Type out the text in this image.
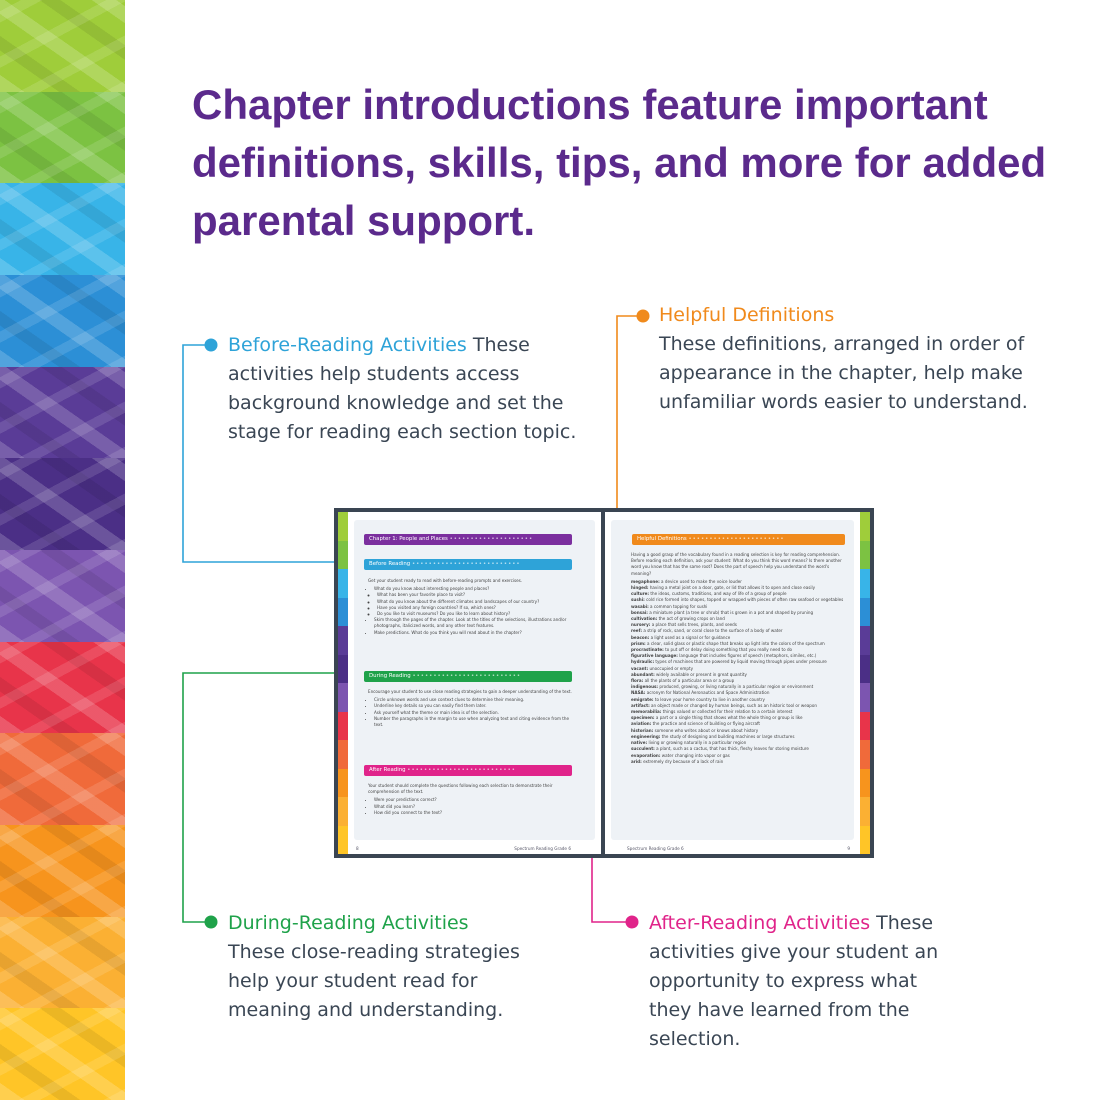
Chapter introductions feature important definitions, skills, tips, and more for added parental support.
Before-Reading Activities These activities help students access background knowledge and set the stage for reading each section topic.
Helpful Definitions
These definitions, arranged in order of appearance in the chapter, help make unfamiliar words easier to understand.
During-Reading Activities
These close-reading strategies help your student read for meaning and understanding.
After-Reading Activities These activities give your student an opportunity to express what they have learned from the selection.
Chapter 1: People and Places ••••••••••••••••••••
Before Reading ••••••••••••••••••••••••••

Get your student ready to read with before-reading prompts and exercises.

• What do you know about interesting people and places?
◦ What has been your favorite place to visit?
◦ What do you know about the different climates and landscapes of our country?
◦ Have you visited any foreign countries? If so, which ones?
◦ Do you like to visit museums? Do you like to learn about history?
• Skim through the pages of the chapter. Look at the titles of the selections, illustrations and/or photographs, italicized words, and any other text features.
• Make predictions. What do you think you will read about in the chapter?
During Reading ••••••••••••••••••••••••••

Encourage your student to use close reading strategies to gain a deeper understanding of the text.

• Circle unknown words and use context clues to determine their meaning.
• Underline key details so you can easily find them later.
• Ask yourself what the theme or main idea is of the selection.
• Number the paragraphs in the margin to use when analyzing text and citing evidence from the text.
After Reading ••••••••••••••••••••••••••

Your student should complete the questions following each selection to demonstrate their comprehension of the text.

• Were your predictions correct?
• What did you learn?
• How did you connect to the text?
8	Spectrum Reading Grade 6
Helpful Definitions •••••••••••••••••••••••

Having a good grasp of the vocabulary found in a reading selection is key for reading comprehension. Before reading each definition, ask your student: What do you think this word means? Is there another word you know that has the same root? Does the part of speech help you understand the word's meaning?

megaphone: a device used to make the voice louder

hinged: having a metal joint on a door, gate, or lid that allows it to open and close easily

culture: the ideas, customs, traditions, and way of life of a group of people

sushi: cold rice formed into shapes, topped or wrapped with pieces of often raw seafood or vegetables

wasabi: a common topping for sushi

bonsai: a miniature plant (a tree or shrub) that is grown in a pot and shaped by pruning

cultivation: the act of growing crops on land

nursery: a place that sells trees, plants, and seeds

reef: a strip of rock, sand, or coral close to the surface of a body of water

beacon: a light used as a signal or for guidance

prism: a clear, solid glass or plastic shape that breaks up light into the colors of the spectrum

procrastinate: to put off or delay doing something that you really need to do

figurative language: language that includes figures of speech (metaphors, similes, etc.)

hydraulic: types of machines that are powered by liquid moving through pipes under pressure

vacant: unoccupied or empty

abundant: widely available or present in great quantity

flora: all the plants of a particular area or a group

indigenous: produced, growing, or living naturally in a particular region or environment

NASA: acronym for National Aeronautics and Space Administration

emigrate: to leave your home country to live in another country

artifact: an object made or changed by human beings, such as an historic tool or weapon

memorabilia: things valued or collected for their relation to a certain interest

specimen: a part or a single thing that shows what the whole thing or group is like

aviation: the practice and science of building or flying aircraft

historian: someone who writes about or knows about history

engineering: the study of designing and building machines or large structures

native: living or growing naturally in a particular region

succulent: a plant, such as a cactus, that has thick, fleshy leaves for storing moisture

evaporation: water changing into vapor or gas

arid: extremely dry because of a lack of rain

Spectrum Reading Grade 6	9
